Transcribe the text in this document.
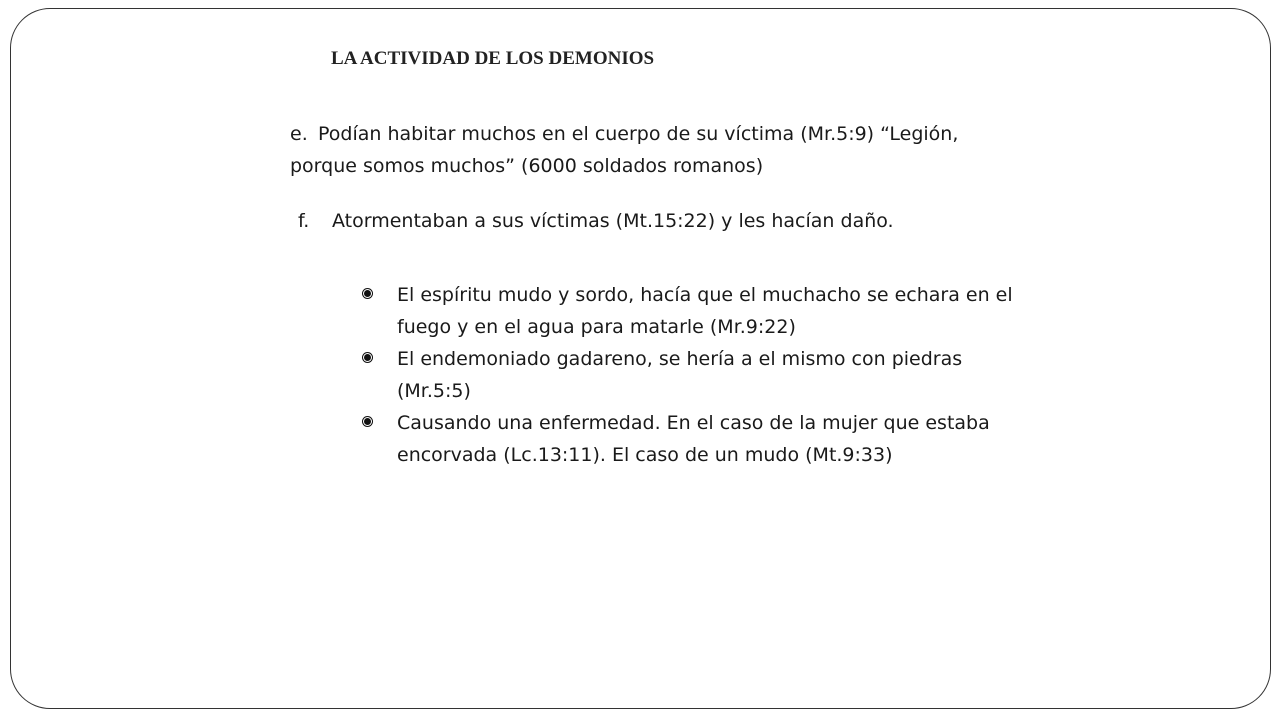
LA ACTIVIDAD DE LOS DEMONIOS
e. Podían habitar muchos en el cuerpo de su víctima (Mr.5:9) “Legión, porque somos muchos” (6000 soldados romanos)
f. Atormentaban a sus víctimas (Mt.15:22) y les hacían daño.
El espíritu mudo y sordo, hacía que el muchacho se echara en el fuego y en el agua para matarle (Mr.9:22)
El endemoniado gadareno, se hería a el mismo con piedras (Mr.5:5)
Causando una enfermedad. En el caso de la mujer que estaba encorvada (Lc.13:11). El caso de un mudo (Mt.9:33)
